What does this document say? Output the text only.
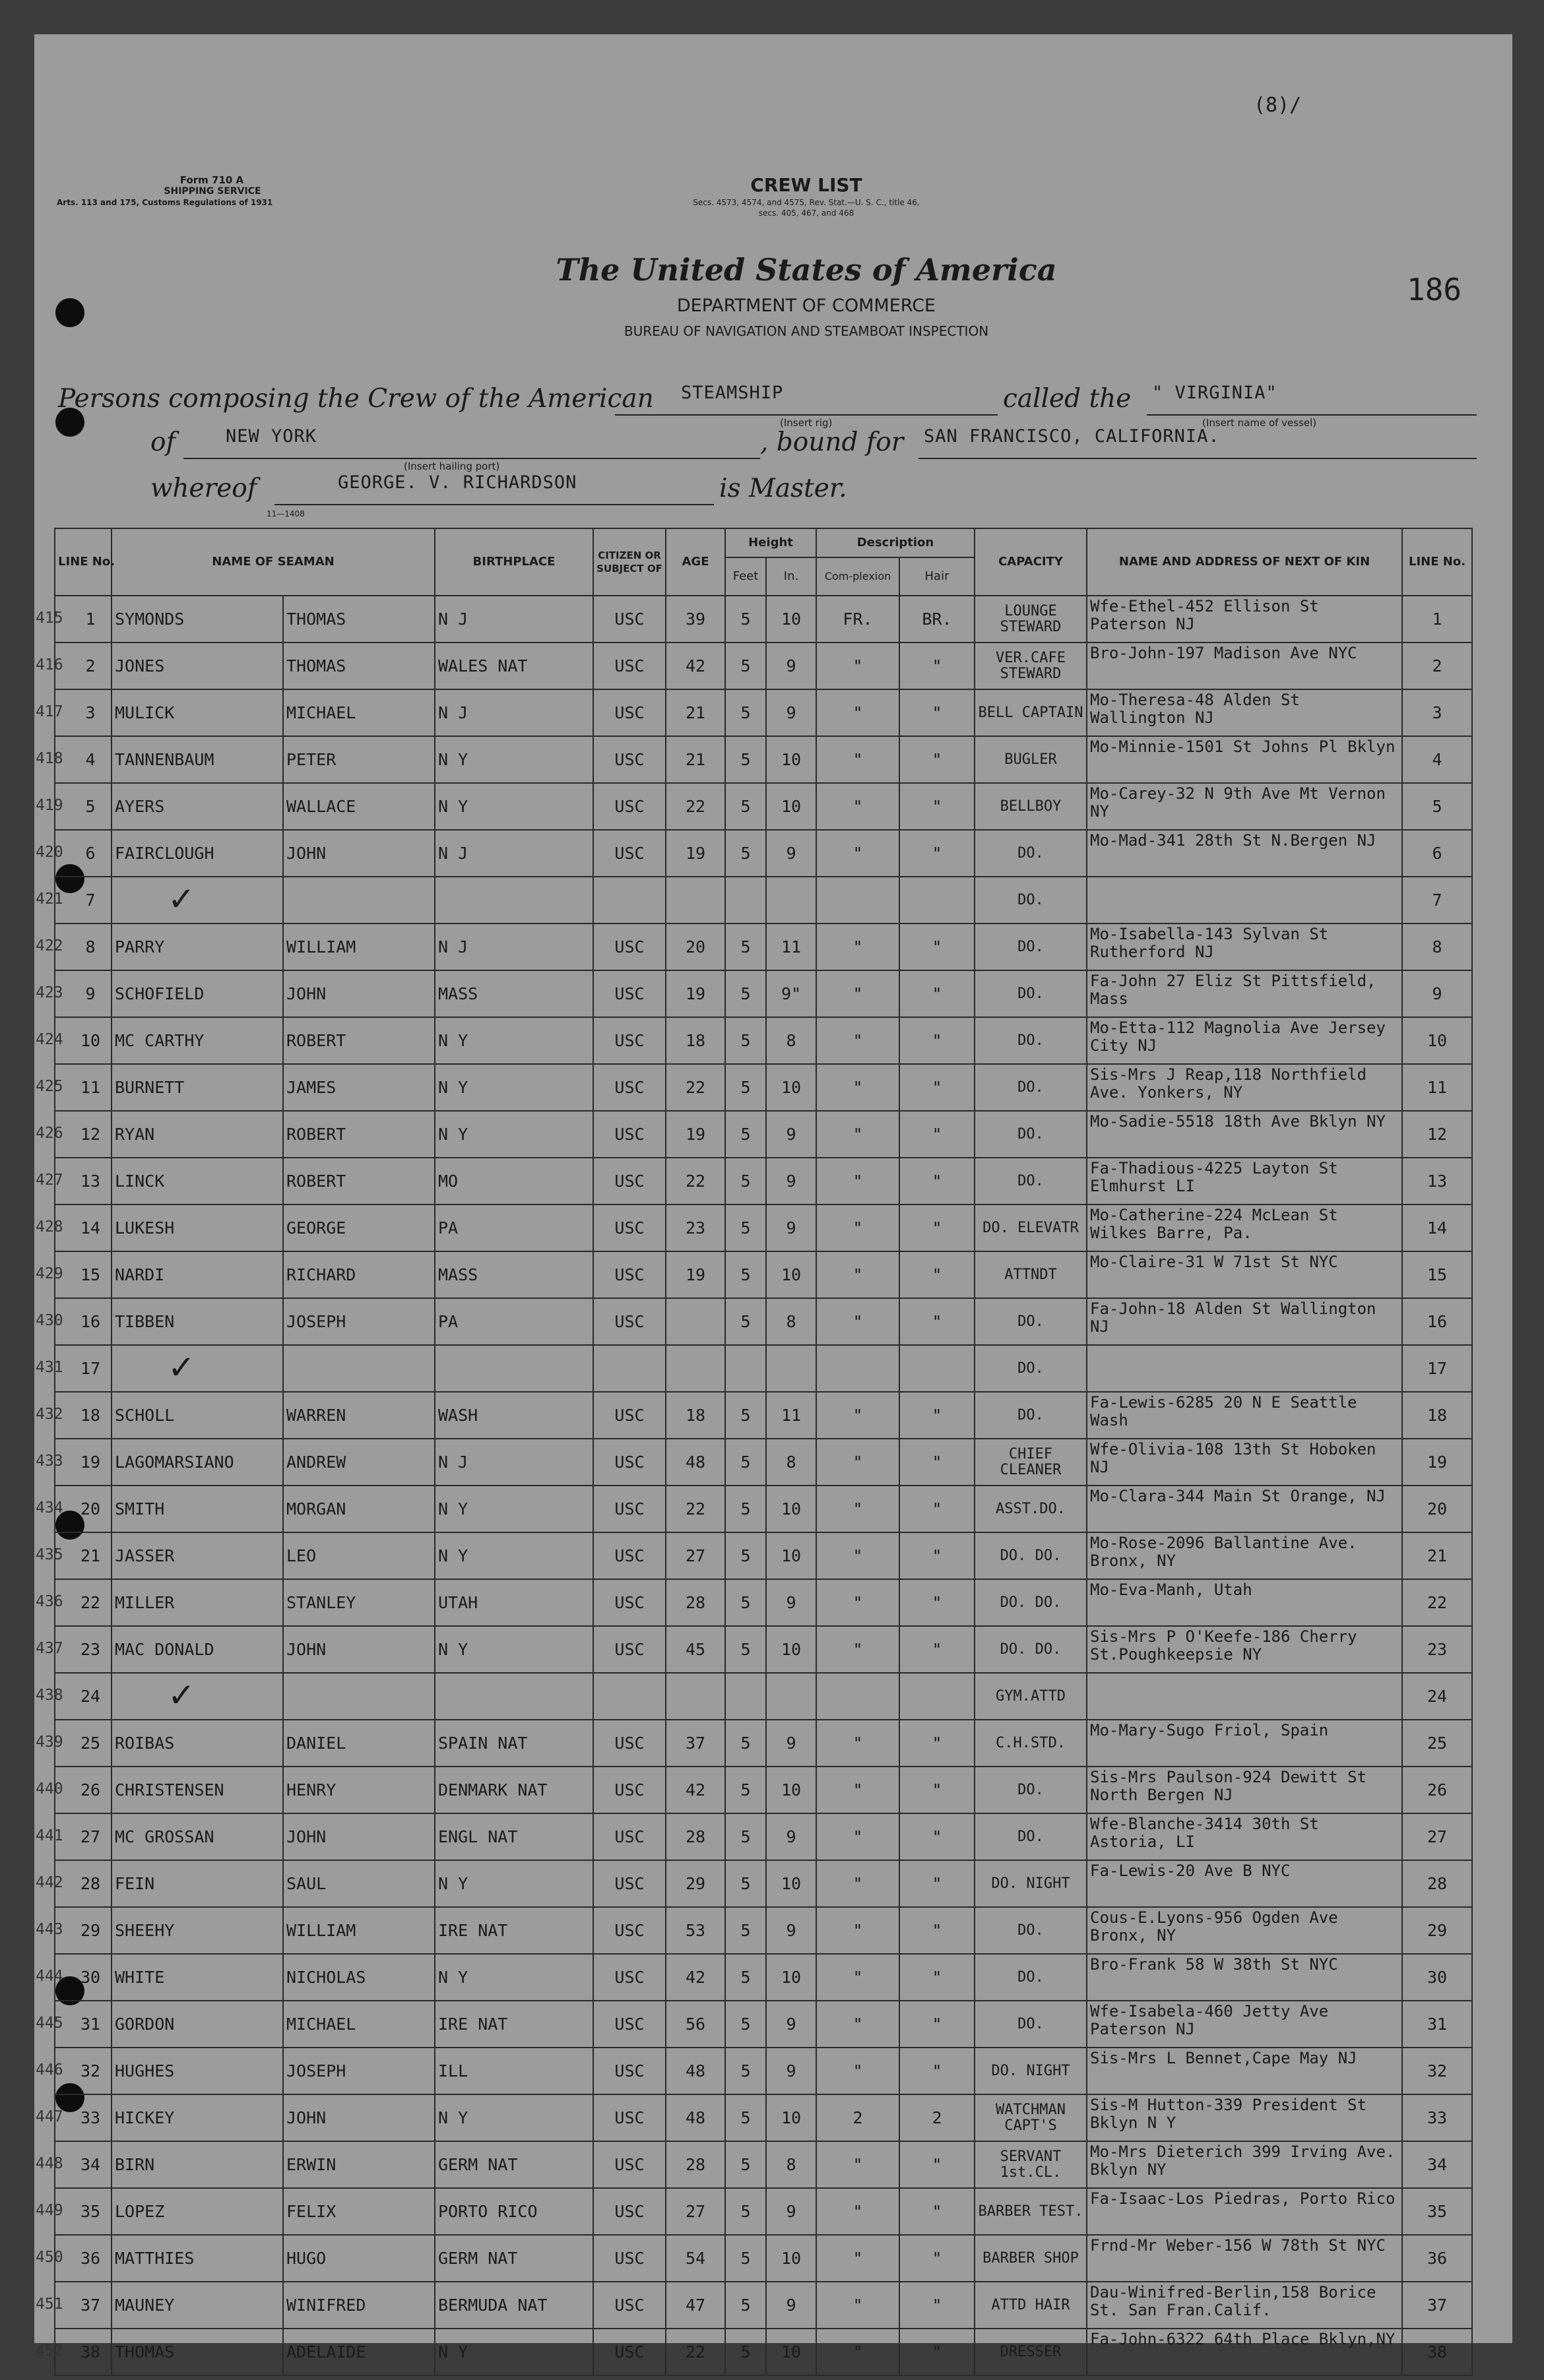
(8)/
186
Form 710 A
SHIPPING SERVICE
Arts. 113 and 175, Customs Regulations of 1931
CREW LIST
Secs. 4573, 4574, and 4575, Rev. Stat.—U. S. C., title 46,
secs. 405, 467, and 468
The United States of America
DEPARTMENT OF COMMERCE
BUREAU OF NAVIGATION AND STEAMBOAT INSPECTION
Persons composing the Crew of the American STEAMSHIP
(Insert rig)
called the " VIRGINIA"
(Insert name of vessel)
of	NEW YORK
(Insert hailing port)
, bound for SAN FRANCISCO, CALIFORNIA.
whereof	GEORGE. V. RICHARDSON	is Master.
11—1408
LINE No.	NAME OF SEAMAN		BIRTHPLACE	CITIZEN OR SUBJECT OF	AGE	Height		Description		CAPACITY	NAME AND ADDRESS OF NEXT OF KIN	LINE No.
						Feet	In.	Com-plexion	Hair			

415 1	SYMONDS	THOMAS	N J	USC	39	5	10	FR.	BR.	LOUNGE STEWARD	Wfe-Ethel-452 Ellison St Paterson NJ	1

416 2	JONES	THOMAS	WALES NAT	USC	42	5	9	"	"	VER.CAFE STEWARD	Bro-John-197 Madison Ave NYC	2

417 3	MULICK	MICHAEL	N J	USC	21	5	9	"	"	BELL CAPTAIN	Mo-Theresa-48 Alden St Wallington NJ	3

418 4	TANNENBAUM	PETER	N Y	USC	21	5	10	"	"	BUGLER	Mo-Minnie-1501 St Johns Pl Bklyn	4

419 5	AYERS	WALLACE	N Y	USC	22	5	10	"	"	BELLBOY	Mo-Carey-32 N 9th Ave Mt Vernon NY	5

420 6	FAIRCLOUGH	JOHN	N J	USC	19	5	9	"	"	DO.	Mo-Mad-341 28th St N.Bergen NJ	6

421 7	✓									DO.		7

422 8	PARRY	WILLIAM	N J	USC	20	5	11	"	"	DO.	Mo-Isabella-143 Sylvan St Rutherford NJ	8

423 9	SCHOFIELD	JOHN	MASS	USC	19	5	9"	"	"	DO.	Fa-John 27 Eliz St Pittsfield, Mass	9

424 10	MC CARTHY	ROBERT	N Y	USC	18	5	8	"	"	DO.	Mo-Etta-112 Magnolia Ave Jersey City NJ	10

425 11	BURNETT	JAMES	N Y	USC	22	5	10	"	"	DO.	Sis-Mrs J Reap,118 Northfield Ave. Yonkers, NY	11

426 12	RYAN	ROBERT	N Y	USC	19	5	9	"	"	DO.	Mo-Sadie-5518 18th Ave Bklyn NY	12

427 13	LINCK	ROBERT	MO	USC	22	5	9	"	"	DO.	Fa-Thadious-4225 Layton St Elmhurst LI	13

428 14	LUKESH	GEORGE	PA	USC	23	5	9	"	"	DO. ELEVATR	Mo-Catherine-224 McLean St Wilkes Barre, Pa.	14

429 15	NARDI	RICHARD	MASS	USC	19	5	10	"	"	ATTNDT	Mo-Claire-31 W 71st St NYC	15

430 16	TIBBEN	JOSEPH	PA	USC		5	8	"	"	DO.	Fa-John-18 Alden St Wallington NJ	16

431 17	✓									DO.		17

432 18	SCHOLL	WARREN	WASH	USC	18	5	11	"	"	DO.	Fa-Lewis-6285 20 N E Seattle Wash	18

433 19	LAGOMARSIANO	ANDREW	N J	USC	48	5	8	"	"	CHIEF CLEANER	Wfe-Olivia-108 13th St Hoboken NJ	19

434 20	SMITH	MORGAN	N Y	USC	22	5	10	"	"	ASST.DO.	Mo-Clara-344 Main St Orange, NJ	20

435 21	JASSER	LEO	N Y	USC	27	5	10	"	"	DO. DO.	Mo-Rose-2096 Ballantine Ave. Bronx, NY	21

436 22	MILLER	STANLEY	UTAH	USC	28	5	9	"	"	DO. DO.	Mo-Eva-Manh, Utah	22

437 23	MAC DONALD	JOHN	N Y	USC	45	5	10	"	"	DO. DO.	Sis-Mrs P O'Keefe-186 Cherry St.Poughkeepsie NY	23

438 24	✓									GYM.ATTD		24

439 25	ROIBAS	DANIEL	SPAIN NAT	USC	37	5	9	"	"	C.H.STD.	Mo-Mary-Sugo Friol, Spain	25

440 26	CHRISTENSEN	HENRY	DENMARK NAT	USC	42	5	10	"	"	DO.	Sis-Mrs Paulson-924 Dewitt St North Bergen NJ	26

441 27	MC GROSSAN	JOHN	ENGL NAT	USC	28	5	9	"	"	DO.	Wfe-Blanche-3414 30th St Astoria, LI	27

442 28	FEIN	SAUL	N Y	USC	29	5	10	"	"	DO. NIGHT	Fa-Lewis-20 Ave B NYC	28

443 29	SHEEHY	WILLIAM	IRE NAT	USC	53	5	9	"	"	DO.	Cous-E.Lyons-956 Ogden Ave Bronx, NY	29

444 30	WHITE	NICHOLAS	N Y	USC	42	5	10	"	"	DO.	Bro-Frank 58 W 38th St NYC	30

445 31	GORDON	MICHAEL	IRE NAT	USC	56	5	9	"	"	DO.	Wfe-Isabela-460 Jetty Ave Paterson NJ	31

446 32	HUGHES	JOSEPH	ILL	USC	48	5	9	"	"	DO. NIGHT	Sis-Mrs L Bennet,Cape May NJ	32

447 33	HICKEY	JOHN	N Y	USC	48	5	10	2	2	WATCHMAN CAPT'S	Sis-M Hutton-339 President St Bklyn N Y	33

448 34	BIRN	ERWIN	GERM NAT	USC	28	5	8	"	"	SERVANT 1st.CL.	Mo-Mrs Dieterich 399 Irving Ave. Bklyn NY	34

449 35	LOPEZ	FELIX	PORTO RICO	USC	27	5	9	"	"	BARBER TEST.	Fa-Isaac-Los Piedras, Porto Rico	35

450 36	MATTHIES	HUGO	GERM NAT	USC	54	5	10	"	"	BARBER SHOP	Frnd-Mr Weber-156 W 78th St NYC	36

451 37	MAUNEY	WINIFRED	BERMUDA NAT	USC	47	5	9	"	"	ATTD HAIR	Dau-Winifred-Berlin,158 Borice St. San Fran.Calif.	37

452 38	THOMAS	ADELAIDE	N Y	USC	22	5	10	"	"	DRESSER	Fa-John-6322 64th Place Bklyn,NY	38
